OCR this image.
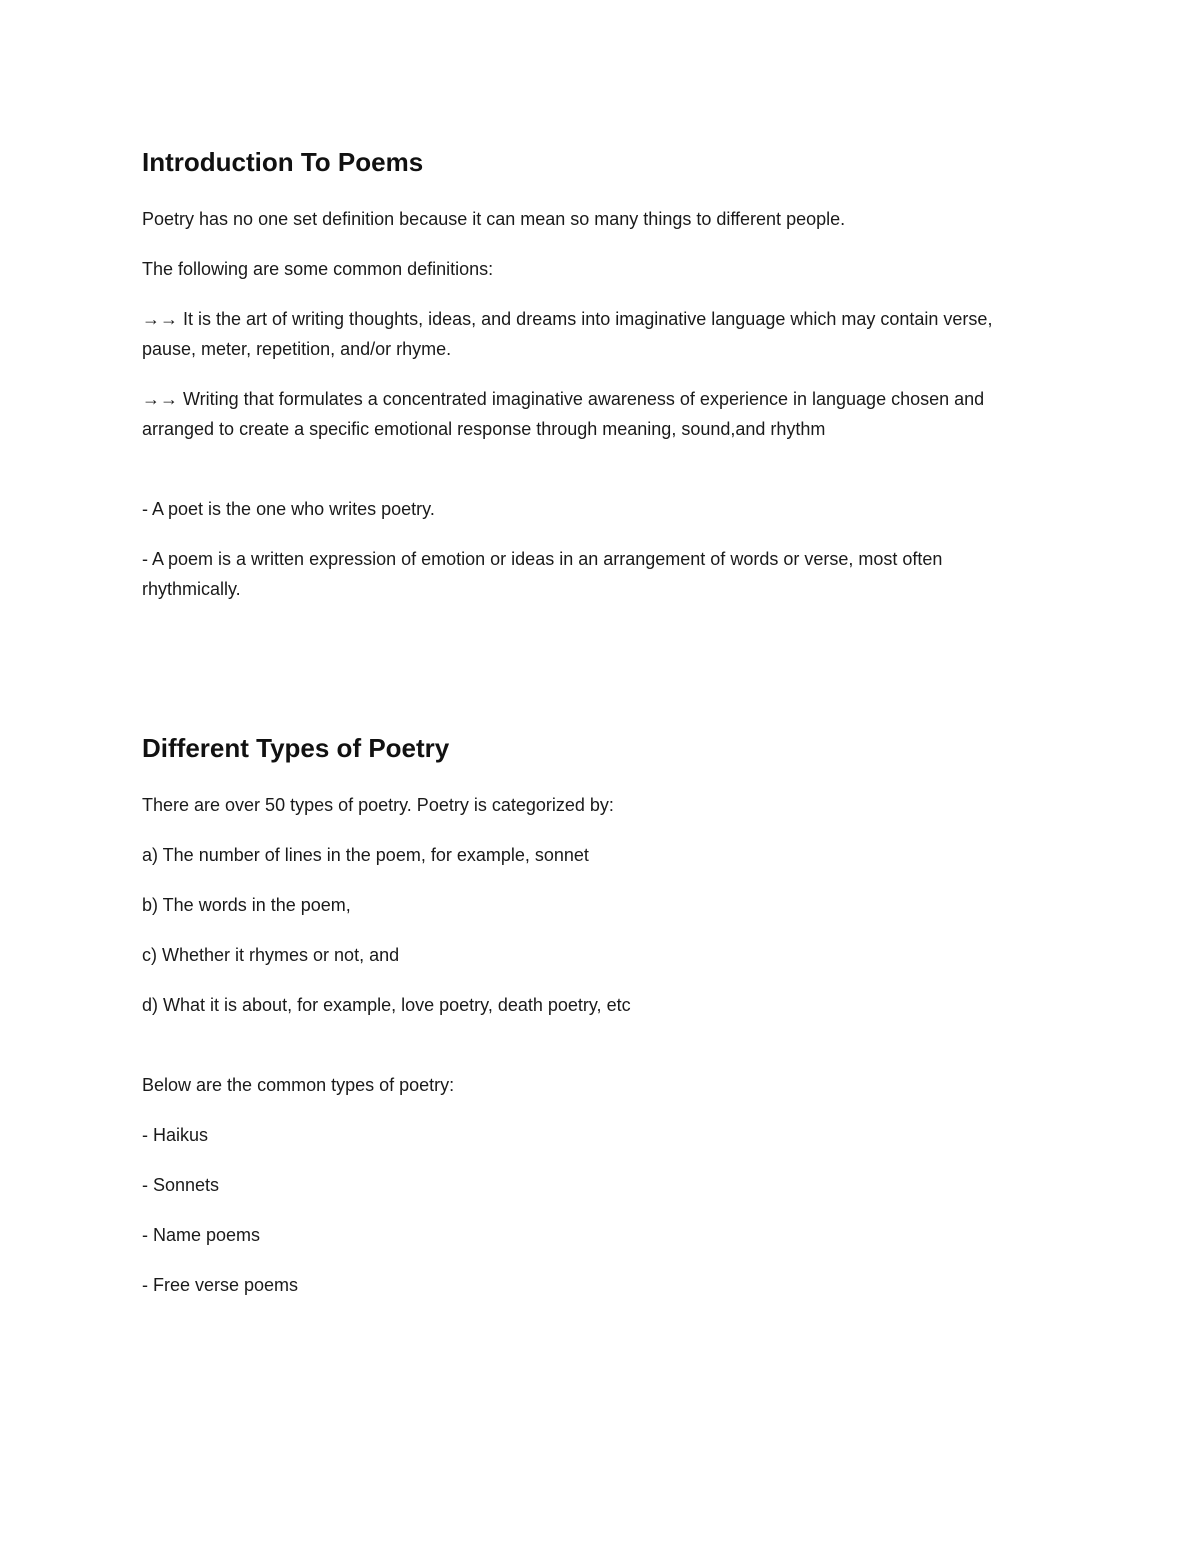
Introduction To Poems

Poetry has no one set definition because it can mean so many things to different people.

The following are some common definitions:

→→ It is the art of writing thoughts, ideas, and dreams into imaginative language which may contain verse, pause, meter, repetition, and/or rhyme.

→→ Writing that formulates a concentrated imaginative awareness of experience in language chosen and arranged to create a specific emotional response through meaning, sound,and rhythm

- A poet is the one who writes poetry.

- A poem is a written expression of emotion or ideas in an arrangement of words or verse, most often rhythmically.

Different Types of Poetry

There are over 50 types of poetry. Poetry is categorized by:

a) The number of lines in the poem, for example, sonnet

b) The words in the poem,

c) Whether it rhymes or not, and

d) What it is about, for example, love poetry, death poetry, etc

Below are the common types of poetry:

- Haikus

- Sonnets

- Name poems

- Free verse poems
